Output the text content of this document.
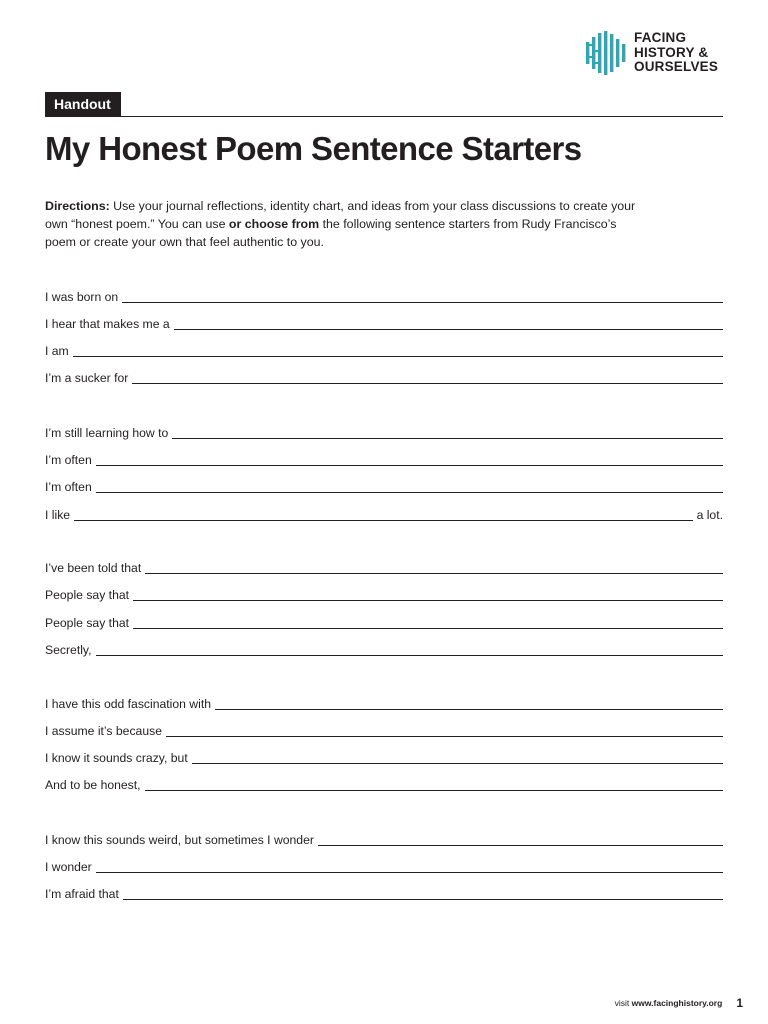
FACING
HISTORY &
OURSELVES
Handout
My Honest Poem Sentence Starters

Directions: Use your journal reflections, identity chart, and ideas from your class discussions to create your own “honest poem.” You can use or choose from the following sentence starters from Rudy Francisco’s poem or create your own that feel authentic to you.

I was born on
I hear that makes me a
I am
I’m a sucker for
I’m still learning how to
I’m often
I’m often
I like	a lot.
I’ve been told that
People say that
People say that
Secretly,
I have this odd fascination with
I assume it’s because
I know it sounds crazy, but
And to be honest,
I know this sounds weird, but sometimes I wonder
I wonder
I’m afraid that
visit www.facinghistory.org 1
